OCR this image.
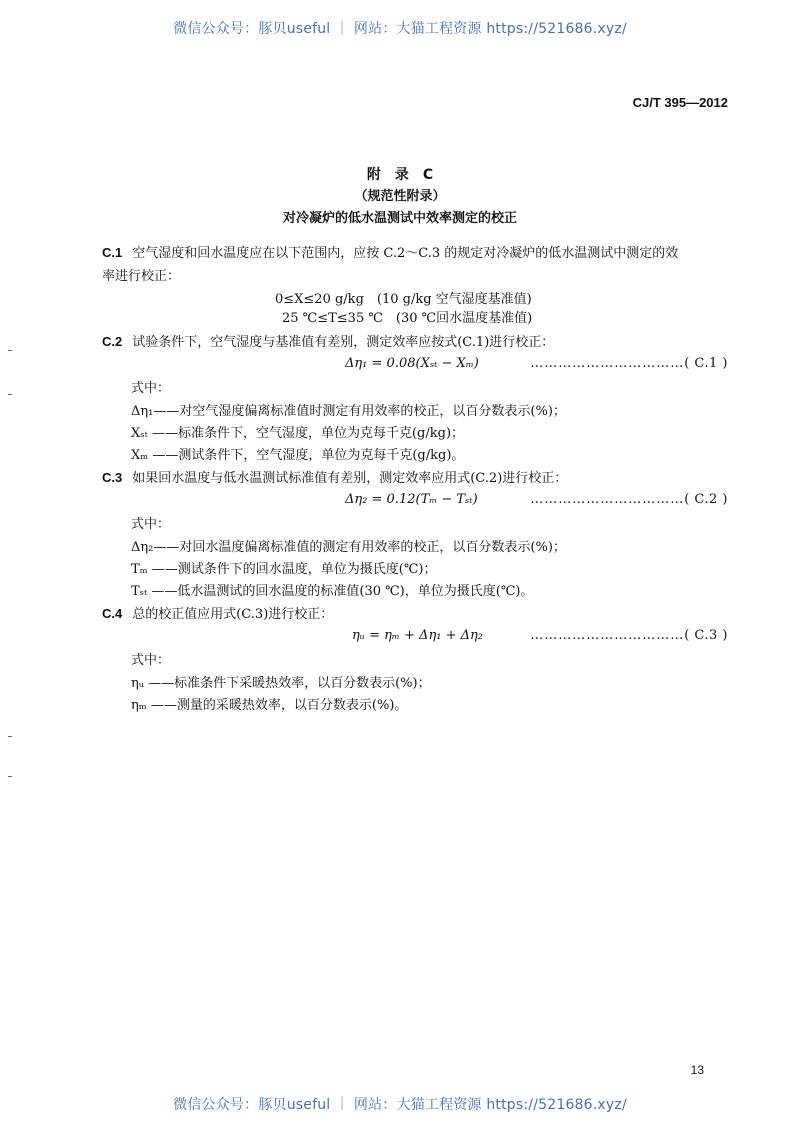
微信公众号：豚贝useful ｜ 网站：大猫工程资源 https://521686.xyz/
CJ/T 395—2012
附　录　C
（规范性附录）
对冷凝炉的低水温测试中效率测定的校正
C.1 空气湿度和回水温度应在以下范围内，应按 C.2～C.3 的规定对冷凝炉的低水温测试中测定的效
率进行校正：
0≤X≤20 g/kg　(10 g/kg 空气湿度基准值)
25 ℃≤T≤35 ℃　(30 ℃回水温度基准值)
C.2 试验条件下，空气湿度与基准值有差别，测定效率应按式(C.1)进行校正：
Δη₁ = 0.08(Xₛₜ − Xₘ)	……………………………( C.1 )
式中：
Δη₁——对空气湿度偏离标准值时测定有用效率的校正，以百分数表示(%)；
Xₛₜ ——标准条件下，空气湿度，单位为克每千克(g/kg)；
Xₘ ——测试条件下，空气湿度，单位为克每千克(g/kg)。
C.3 如果回水温度与低水温测试标准值有差别，测定效率应用式(C.2)进行校正：
Δη₂ = 0.12(Tₘ − Tₛₜ)	……………………………( C.2 )
式中：
Δη₂——对回水温度偏离标准值的测定有用效率的校正，以百分数表示(%)；
Tₘ ——测试条件下的回水温度，单位为摄氏度(℃)；
Tₛₜ ——低水温测试的回水温度的标准值(30 ℃)，单位为摄氏度(℃)。
C.4 总的校正值应用式(C.3)进行校正：
ηᵤ = ηₘ + Δη₁ + Δη₂	……………………………( C.3 )
式中：
ηᵤ ——标准条件下采暖热效率，以百分数表示(%)；
ηₘ ——测量的采暖热效率，以百分数表示(%)。
13
微信公众号：豚贝useful ｜ 网站：大猫工程资源 https://521686.xyz/
